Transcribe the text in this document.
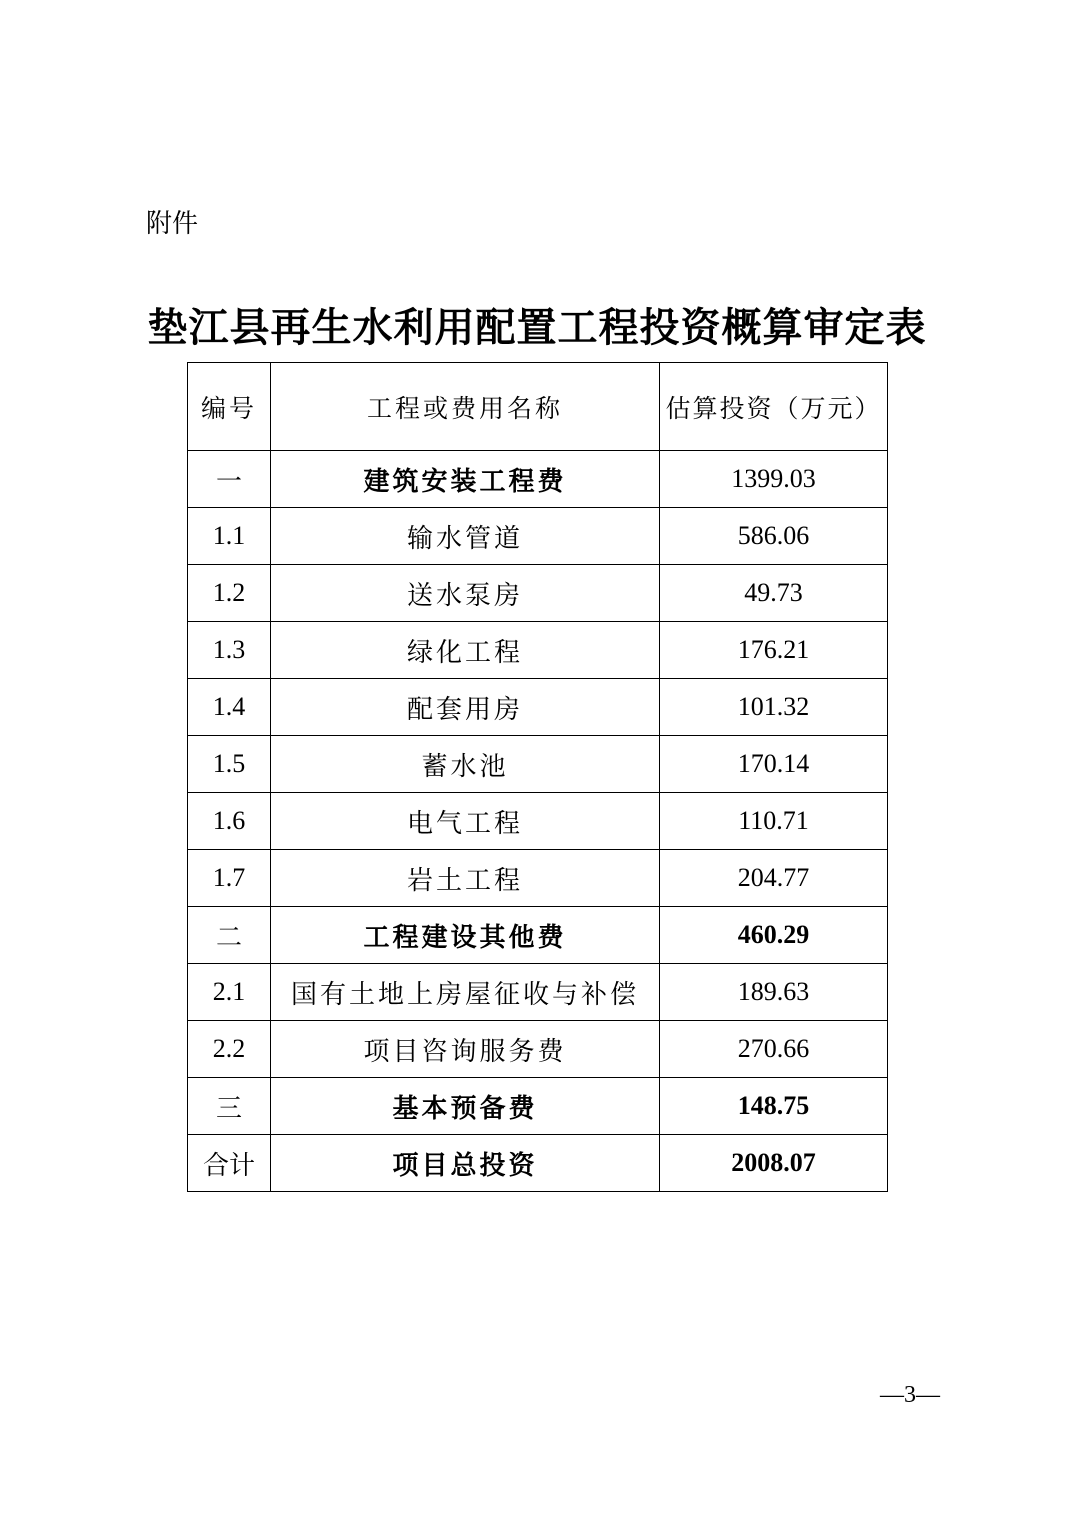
附件
垫江县再生水利用配置工程投资概算审定表
编号	工程或费用名称	估算投资（万元）
一	建筑安装工程费	1399.03
1.1	输水管道	586.06
1.2	送水泵房	49.73
1.3	绿化工程	176.21
1.4	配套用房	101.32
1.5	蓄水池	170.14
1.6	电气工程	110.71
1.7	岩土工程	204.77
二	工程建设其他费	460.29
2.1	国有土地上房屋征收与补偿	189.63
2.2	项目咨询服务费	270.66
三	基本预备费	148.75
合计	项目总投资	2008.07
—3—
